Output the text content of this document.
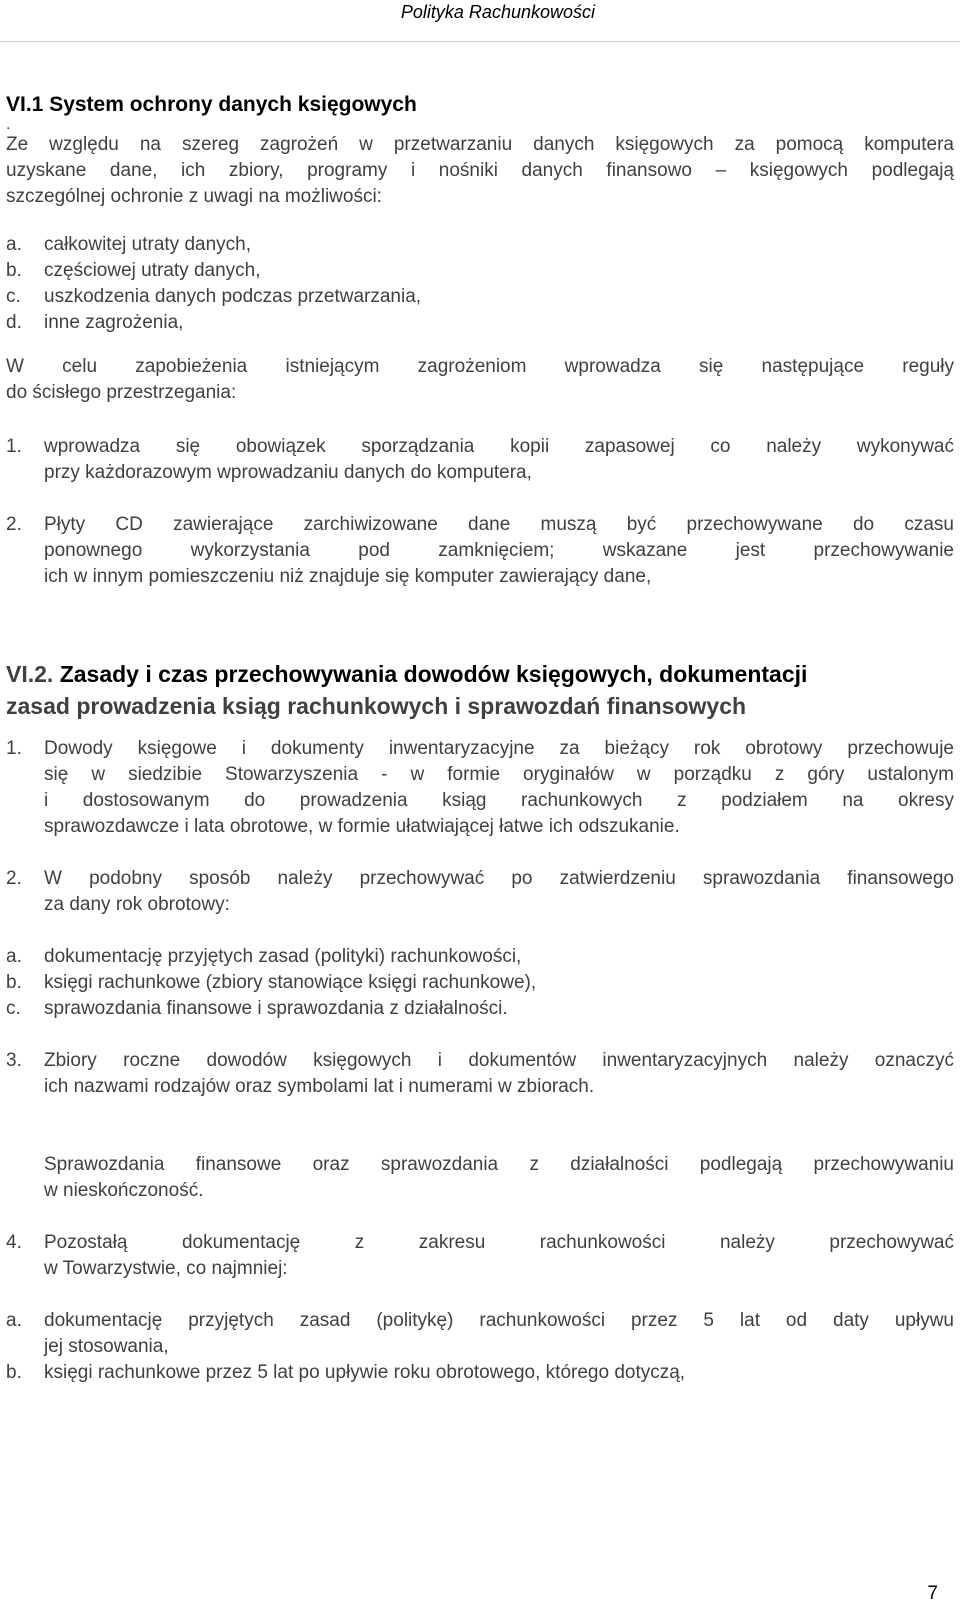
Polityka Rachunkowości
VI.1 System ochrony danych księgowych

.

Ze względu na szereg zagrożeń w przetwarzaniu danych księgowych za pomocą komputera

uzyskane dane, ich zbiory, programy i nośniki danych finansowo – księgowych podlegają

szczególnej ochronie z uwagi na możliwości:

a.	całkowitej utraty danych,
b.	częściowej utraty danych,
c.	uszkodzenia danych podczas przetwarzania,
d.	inne zagrożenia,

W celu zapobieżenia istniejącym zagrożeniom wprowadza się następujące reguły

do ścisłego przestrzegania:

1.	wprowadza się obowiązek sporządzania kopii zapasowej co należy wykonywać

przy każdorazowym wprowadzaniu danych do komputera,

2.	Płyty CD zawierające zarchiwizowane dane muszą być przechowywane do czasu

ponownego wykorzystania pod zamknięciem; wskazane jest przechowywanie

ich w innym pomieszczeniu niż znajduje się komputer zawierający dane,

VI.2. Zasady i czas przechowywania dowodów księgowych, dokumentacji
zasad prowadzenia ksiąg rachunkowych i sprawozdań finansowych
1.	Dowody księgowe i dokumenty inwentaryzacyjne za bieżący rok obrotowy przechowuje

się w siedzibie Stowarzyszenia - w formie oryginałów w porządku z góry ustalonym

i dostosowanym do prowadzenia ksiąg rachunkowych z podziałem na okresy

sprawozdawcze i lata obrotowe, w formie ułatwiającej łatwe ich odszukanie.

2.	W podobny sposób należy przechowywać po zatwierdzeniu sprawozdania finansowego

za dany rok obrotowy:

a.	dokumentację przyjętych zasad (polityki) rachunkowości,
b.	księgi rachunkowe (zbiory stanowiące księgi rachunkowe),
c.	sprawozdania finansowe i sprawozdania z działalności.
3.	Zbiory roczne dowodów księgowych i dokumentów inwentaryzacyjnych należy oznaczyć

ich nazwami rodzajów oraz symbolami lat i numerami w zbiorach.

Sprawozdania finansowe oraz sprawozdania z działalności podlegają przechowywaniu

w nieskończoność.

4.	Pozostałą dokumentację z zakresu rachunkowości należy przechowywać

w Towarzystwie, co najmniej:

a.	dokumentację przyjętych zasad (politykę) rachunkowości przez 5 lat od daty upływu

jej stosowania,

b.	księgi rachunkowe przez 5 lat po upływie roku obrotowego, którego dotyczą,

7
